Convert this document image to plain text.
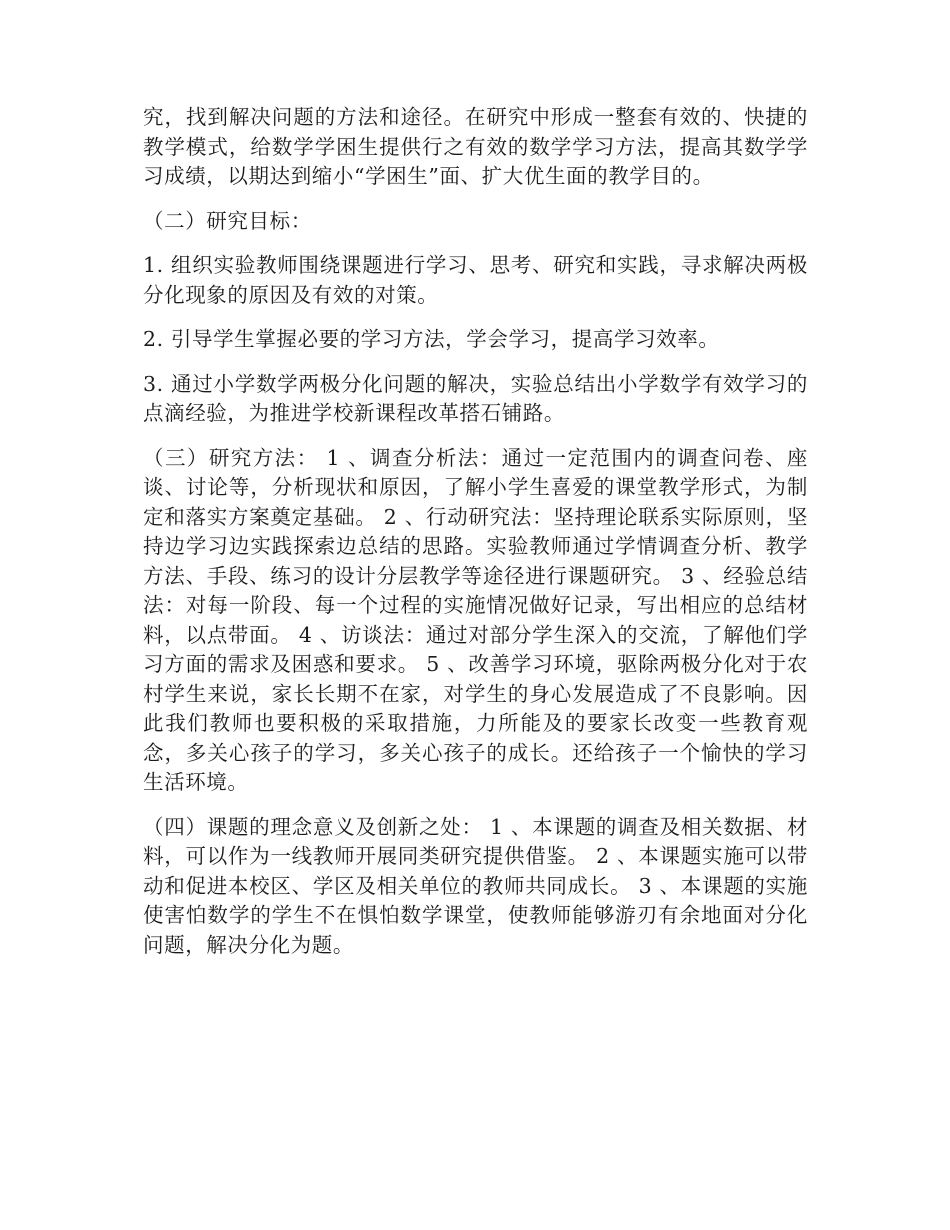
究，找到解决问题的方法和途径。在研究中形成一整套有效的、快捷的教学模式，给数学学困生提供行之有效的数学学习方法，提高其数学学习成绩，以期达到缩小“学困生”面、扩大优生面的教学目的。

（二）研究目标：

1. 组织实验教师围绕课题进行学习、思考、研究和实践，寻求解决两极分化现象的原因及有效的对策。

2. 引导学生掌握必要的学习方法，学会学习，提高学习效率。

3. 通过小学数学两极分化问题的解决，实验总结出小学数学有效学习的点滴经验，为推进学校新课程改革搭石铺路。

（三）研究方法： 1 、调查分析法：通过一定范围内的调查问卷、座谈、讨论等，分析现状和原因，了解小学生喜爱的课堂教学形式，为制定和落实方案奠定基础。 2 、行动研究法：坚持理论联系实际原则，坚持边学习边实践探索边总结的思路。实验教师通过学情调查分析、教学方法、手段、练习的设计分层教学等途径进行课题研究。 3 、经验总结法：对每一阶段、每一个过程的实施情况做好记录，写出相应的总结材料，以点带面。 4 、访谈法：通过对部分学生深入的交流，了解他们学习方面的需求及困惑和要求。 5 、改善学习环境，驱除两极分化对于农村学生来说，家长长期不在家，对学生的身心发展造成了不良影响。因此我们教师也要积极的采取措施，力所能及的要家长改变一些教育观念，多关心孩子的学习，多关心孩子的成长。还给孩子一个愉快的学习生活环境。

（四）课题的理念意义及创新之处： 1 、本课题的调查及相关数据、材料，可以作为一线教师开展同类研究提供借鉴。 2 、本课题实施可以带动和促进本校区、学区及相关单位的教师共同成长。 3 、本课题的实施使害怕数学的学生不在惧怕数学课堂，使教师能够游刃有余地面对分化问题，解决分化为题。
